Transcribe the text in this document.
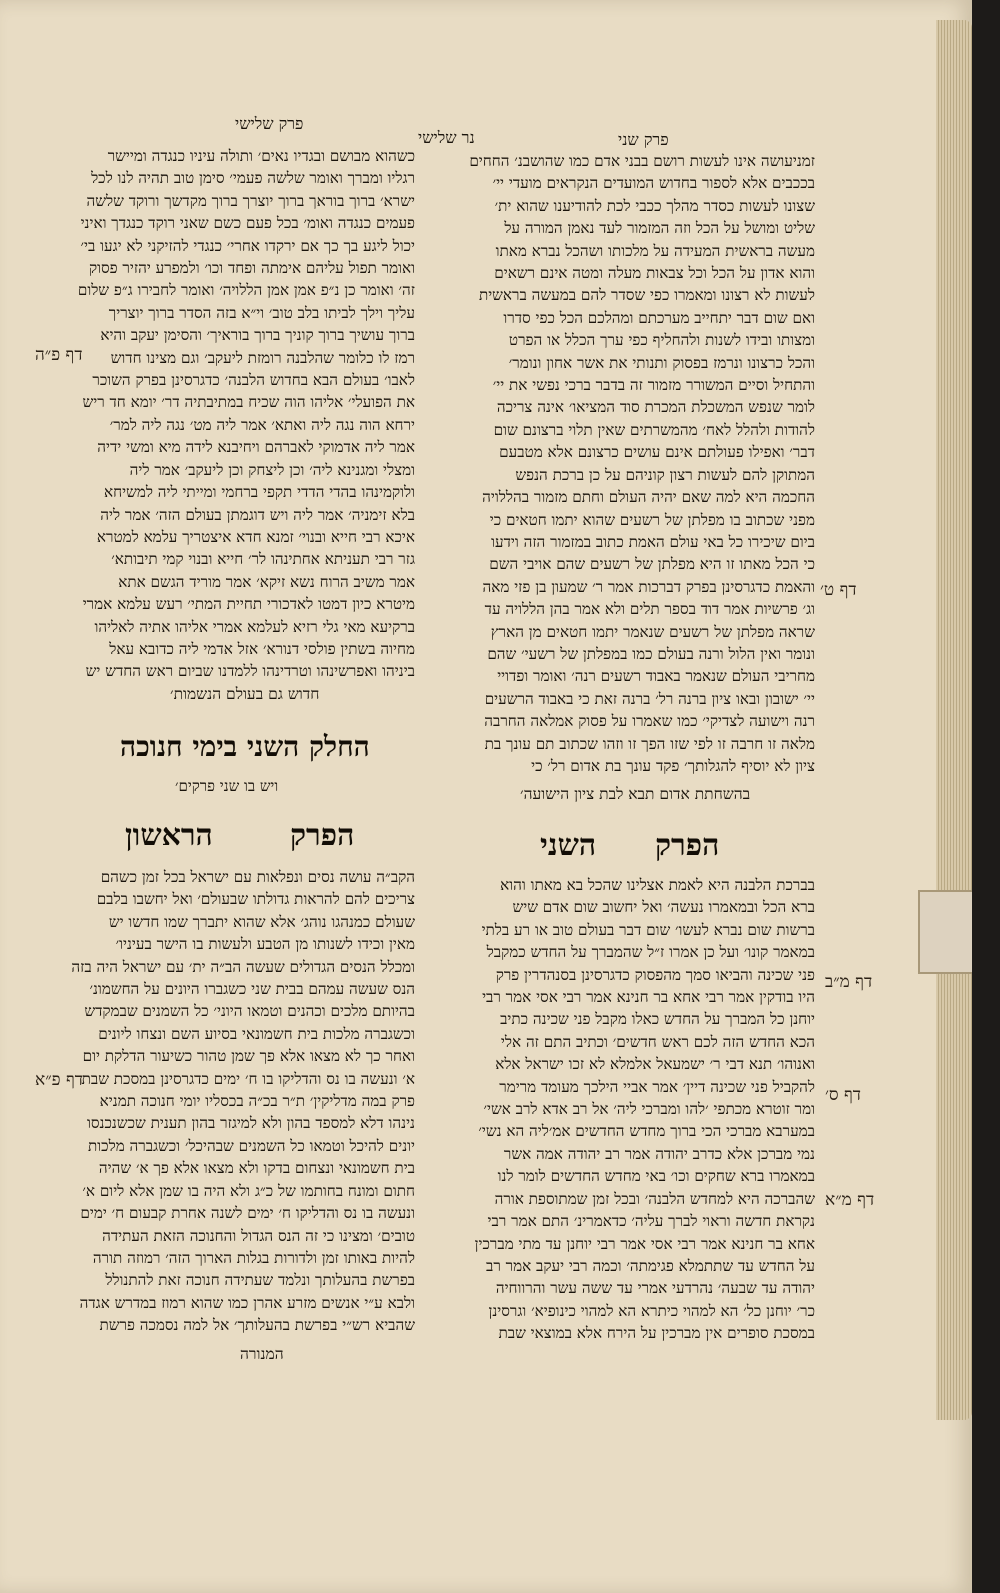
פרק שלישי
נר שלישי	פרק שני
כשהוא מבושם ובגדיו נאים׳ ותולה עיניו כנגדה ומיישר
רגליו ומברך ואומר שלשה פעמי׳ סימן טוב תהיה לנו לכל
ישרא׳ ברוך בוראך ברוך יוצרך ברוך מקדשך ורוקד שלשה
פעמים כנגדה ואומ׳ בכל פעם כשם שאני רוקד כנגדך ואיני
יכול ליגע בך כך אם ירקדו אחרי׳ כנגדי להזיקני לא יגעו בי׳
ואומר תפול עליהם אימתה ופחד וכו׳ ולמפרע יהזיר פסוק
זה׳ ואומר כן נ״פ אמן אמן הללויה׳ ואומר לחבירו ג״פ שלום
עליך וילך לביתו בלב טוב׳ וי״א בזה הסדר ברוך יוצריך
ברוך עושיך ברוך קוניך ברוך בוראיך׳ והסימן יעקב והיא
רמז לו כלומר שהלבנה רומזת ליעקב׳ וגם מצינו חדוש
לאבו׳ בעולם הבא בחדוש הלבנה׳ כדגרסינן בפרק השוכר
את הפועלי׳ אליהו הוה שכיח במתיבתיה דר׳ יומא חד ריש
ירחא הוה נגה ליה ואתא׳ אמר ליה מט׳ נגה ליה למר׳
אמר ליה אדמוקי לאברהם ויחיבנא לידה מיא ומשי ידיה
ומצלי ומגנינא ליה׳ וכן ליצחק וכן ליעקב׳ אמר ליה
ולוקמינהו בהדי הדדי תקפי ברחמי ומייתי ליה למשיחא
בלא זימניה׳ אמר ליה ויש דוגמתן בעולם הזה׳ אמר ליה
איכא רבי חייא ובנוי׳ זמנא חדא איצטריך עלמא למטרא
גזר רבי תעניתא אחתינהו לר׳ חייא ובנוי קמי תיבותא׳
אמר משיב הרוח נשא זיקא׳ אמר מוריד הגשם אתא
מיטרא כיון דמטו לאדכורי תחיית המתי׳ רעש עלמא אמרי
ברקיעא מאי גלי רזיא לעלמא אמרי אליהו אתיה לאליהו
מחיוה בשתין פולסי דנורא׳ אזל אדמי ליה כדובא עאל
ביניהו ואפרשינהו וטרדינהו ללמדנו שביום ראש החדש יש
חדוש גם בעולם הנשמות׳
החלק השני בימי חנוכה
ויש בו שני פרקים׳
הפרק
הראשון
הקב״ה עושה נסים ונפלאות עם ישראל בכל זמן כשהם
צריכים להם להראות גדולתו שבעולם׳ ואל יחשבו בלבם
שעולם כמנהגו נוהג׳ אלא שהוא יתברך שמו חדשו יש
מאין וכידו לשנותו מן הטבע ולעשות בו הישר בעיניו׳
ומכלל הנסים הגדולים שעשה הב״ה ית׳ עם ישראל היה בזה
הנס שעשה עמהם בבית שני כשגברו היונים על החשמונ׳
בהיותם מלכים וכהנים וטמאו היוני׳ כל השמנים שבמקדש
וכשגברה מלכות בית חשמונאי בסיוע השם ונצחו ליונים
ואחר כך לא מצאו אלא פך שמן טהור כשיעור הדלקת יום
א׳ ונעשה בו נס והדליקו בו ח׳ ימים כדגרסינן במסכת שבת
פרק במה מדליקין׳ ת״ר בכ״ה בכסליו יומי חנוכה תמניא
נינהו דלא למספד בהון ולא למיגזר בהון תענית שכשנכנסו
יונים להיכל וטמאו כל השמנים שבהיכל׳ וכשגברה מלכות
בית חשמונאי ונצחום בדקו ולא מצאו אלא פך א׳ שהיה
חתום ומונח בחותמו של כ״ג ולא היה בו שמן אלא ליום א׳
ונעשה בו נס והדליקו ח׳ ימים לשנה אחרת קבעום ח׳ ימים
טובים׳ ומצינו כי זה הנס הגדול והחנוכה הזאת העתידה
להיות באותו זמן ולדורות בגלות הארוך הזה׳ רמוזה תורה
בפרשת בהעלותך ונלמד שעתידה חנוכה זאת להתנולל
ולבא ע״י אנשים מזרע אהרן כמו שהוא רמוז במדרש אגדה
שהביא רש״י בפרשת בהעלותך׳ אל למה נסמכה פרשת
המנורה
זמניעושה אינו לעשות רושם בבני אדם כמו שהושבנ׳ החחים
בככבים אלא לספור בחדוש המועדים הנקראים מועדי יי׳
שצונו לעשות כסדר מהלך ככבי לכת להודיענו שהוא ית׳
שליט ומושל על הכל וזה המזמור לעד נאמן המורה על
מעשה בראשית המעידה על מלכותו ושהכל נברא מאתו
והוא אדון על הכל וכל צבאות מעלה ומטה אינם רשאים
לעשות לא רצונו ומאמרו כפי שסדר להם במעשה בראשית
ואם שום דבר יתחייב מערכתם ומהלכם הכל כפי סדרו
ומצותו ובידו לשנות ולהחליף כפי ערך הכלל או הפרט
והכל כרצונו ונרמז בפסוק ותנותי את אשר אחון ונומר׳
והתחיל וסיים המשורר מזמור זה בדבר ברכי נפשי את יי׳
לומר שנפש המשכלת המכרת סוד המציאו׳ אינה צריכה
להודות ולהלל לאח׳ מהמשרתים שאין תלוי ברצונם שום
דבר׳ ואפילו פעולתם אינם עושים כרצונם אלא מטבעם
המתוקן להם לעשות רצון קוניהם על כן ברכת הנפש
החכמה היא למה שאם יהיה העולם וחתם מזמור בהללויה
מפני שכתוב בו מפלתן של רשעים שהוא יתמו חטאים כי
ביום שיכירו כל באי עולם האמת כתוב במזמור הזה וידעו
כי הכל מאתו זו היא מפלתן של רשעים שהם אויבי השם
והאמת כדגרסינן בפרק דברכות אמר ר׳ שמעון בן פזי מאה
וג׳ פרשיות אמר דוד בספר תלים ולא אמר בהן הללויה עד
שראה מפלתן של רשעים שנאמר יתמו חטאים מן הארץ
ונומר ואין הלול ורנה בעולם כמו במפלתן של רשעי׳ שהם
מחריבי העולם שנאמר באבוד רשעים רנה׳ ואומר ופדויי
יי׳ ישובון ובאו ציון ברנה רל׳ ברנה זאת כי באבוד הרשעים
רנה וישועה לצדיקי׳ כמו שאמרו על פסוק אמלאה החרבה
מלאה זו חרבה זו לפי שזו הפך זו וזהו שכתוב תם עונך בת
ציון לא יוסיף להגלותך׳ פקד עונך בת אדום רל׳ כי
בהשחתת אדום תבא לבת ציון הישועה׳
הפרק
השני
בברכת הלבנה היא לאמת אצלינו שהכל בא מאתו והוא
ברא הכל ובמאמרו נעשה׳ ואל יחשוב שום אדם שיש
ברשות שום נברא לעשו׳ שום דבר בעולם טוב או רע בלתי
במאמר קונו׳ ועל כן אמרו ז״ל שהמברך על החדש כמקבל
פני שכינה והביאו סמך מהפסוק כדגרסינן בסנהדרין פרק
היו בודקין אמר רבי אחא בר חנינא אמר רבי אסי אמר רבי
יוחנן כל המברך על החדש כאלו מקבל פני שכינה כתיב
הכא החדש הזה לכם ראש חדשים׳ וכתיב התם זה אלי
ואנוהו׳ תנא דבי ר׳ ישמעאל אלמלא לא זכו ישראל אלא
להקביל פני שכינה דיין׳ אמר אביי הילכך מעומד מרימר
ומר זוטרא מכתפי ׳להו ומברכי ליה׳ אל רב אדא לרב אשי׳
במערבא מברכי הכי ברוך מחדש החדשים אמ׳ליה הא נשי׳
נמי מברכן אלא כדרב יהודה אמר רב יהודה אמה אשר
במאמרו ברא שחקים וכו׳ באי מחדש החדשים לומר לנו
שהברכה היא למחדש הלבנה׳ ובכל זמן שמתוספת אורה
נקראת חדשה וראוי לברך עליה׳ כדאמרינ׳ התם אמר רבי
אחא בר חנינא אמר רבי אסי אמר רבי יוחנן עד מתי מברכין
על החדש עד שתתמלא פגימתה׳ וכמה רבי יעקב אמר רב
יהודה עד שבעה׳ נהרדעי אמרי עד ששה עשר והרווחיה
כר׳ יוחנן כל׳ הא למהוי כיתרא הא למהוי כינופיא׳ וגרסינן
במסכת סופרים אין מברכין על הירח אלא במוצאי שבת
דף פ״ה
דף ט׳
דף פ״א
דף מ״ב
דף ס׳
דף מ״א
